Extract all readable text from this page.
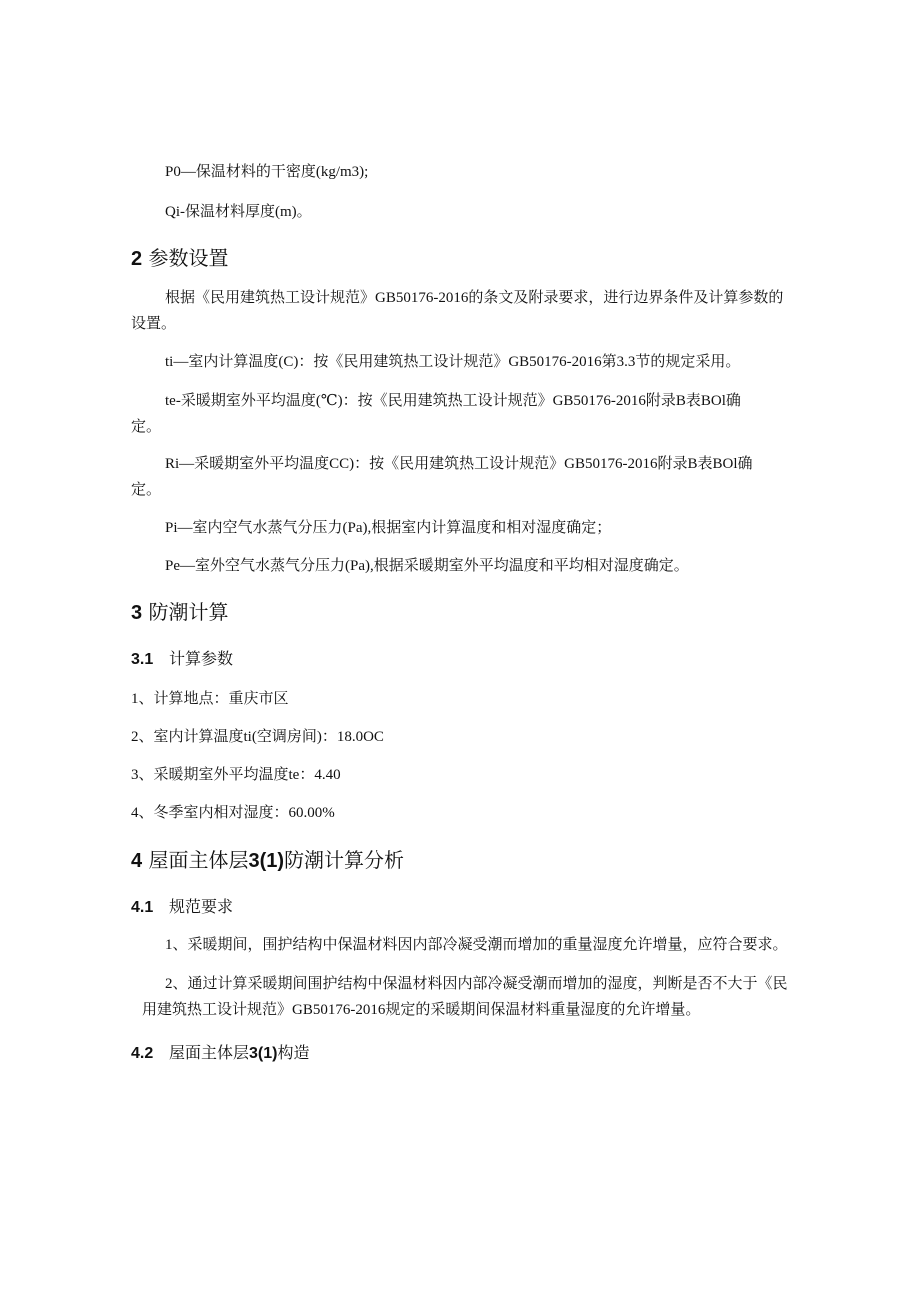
P0—保温材料的干密度(kg/m3);
Qi-保温材料厚度(m)。
2 参数设置
根据《民用建筑热工设计规范》GB50176-2016的条文及附录要求，进行边界条件及计算参数的
设置。
ti—室内计算温度(C)：按《民用建筑热工设计规范》GB50176-2016第3.3节的规定采用。
te-采暖期室外平均温度(℃)：按《民用建筑热工设计规范》GB50176-2016附录B表BOl确
定。
Ri—采暖期室外平均温度CC)：按《民用建筑热工设计规范》GB50176-2016附录B表BOl确
定。
Pi—室内空气水蒸气分压力(Pa),根据室内计算温度和相对湿度确定；
Pe—室外空气水蒸气分压力(Pa),根据采暖期室外平均温度和平均相对湿度确定。
3 防潮计算
3.1 计算参数
1、计算地点：重庆市区
2、室内计算温度ti(空调房间)：18.0OC
3、采暖期室外平均温度te：4.40
4、冬季室内相对湿度：60.00%
4 屋面主体层3(1)防潮计算分析
4.1 规范要求
1、采暖期间，围护结构中保温材料因内部冷凝受潮而增加的重量湿度允许增量，应符合要求。
2、通过计算采暖期间围护结构中保温材料因内部冷凝受潮而增加的湿度，判断是否不大于《民
用建筑热工设计规范》GB50176-2016规定的采暖期间保温材料重量湿度的允许增量。
4.2 屋面主体层3(1)构造
